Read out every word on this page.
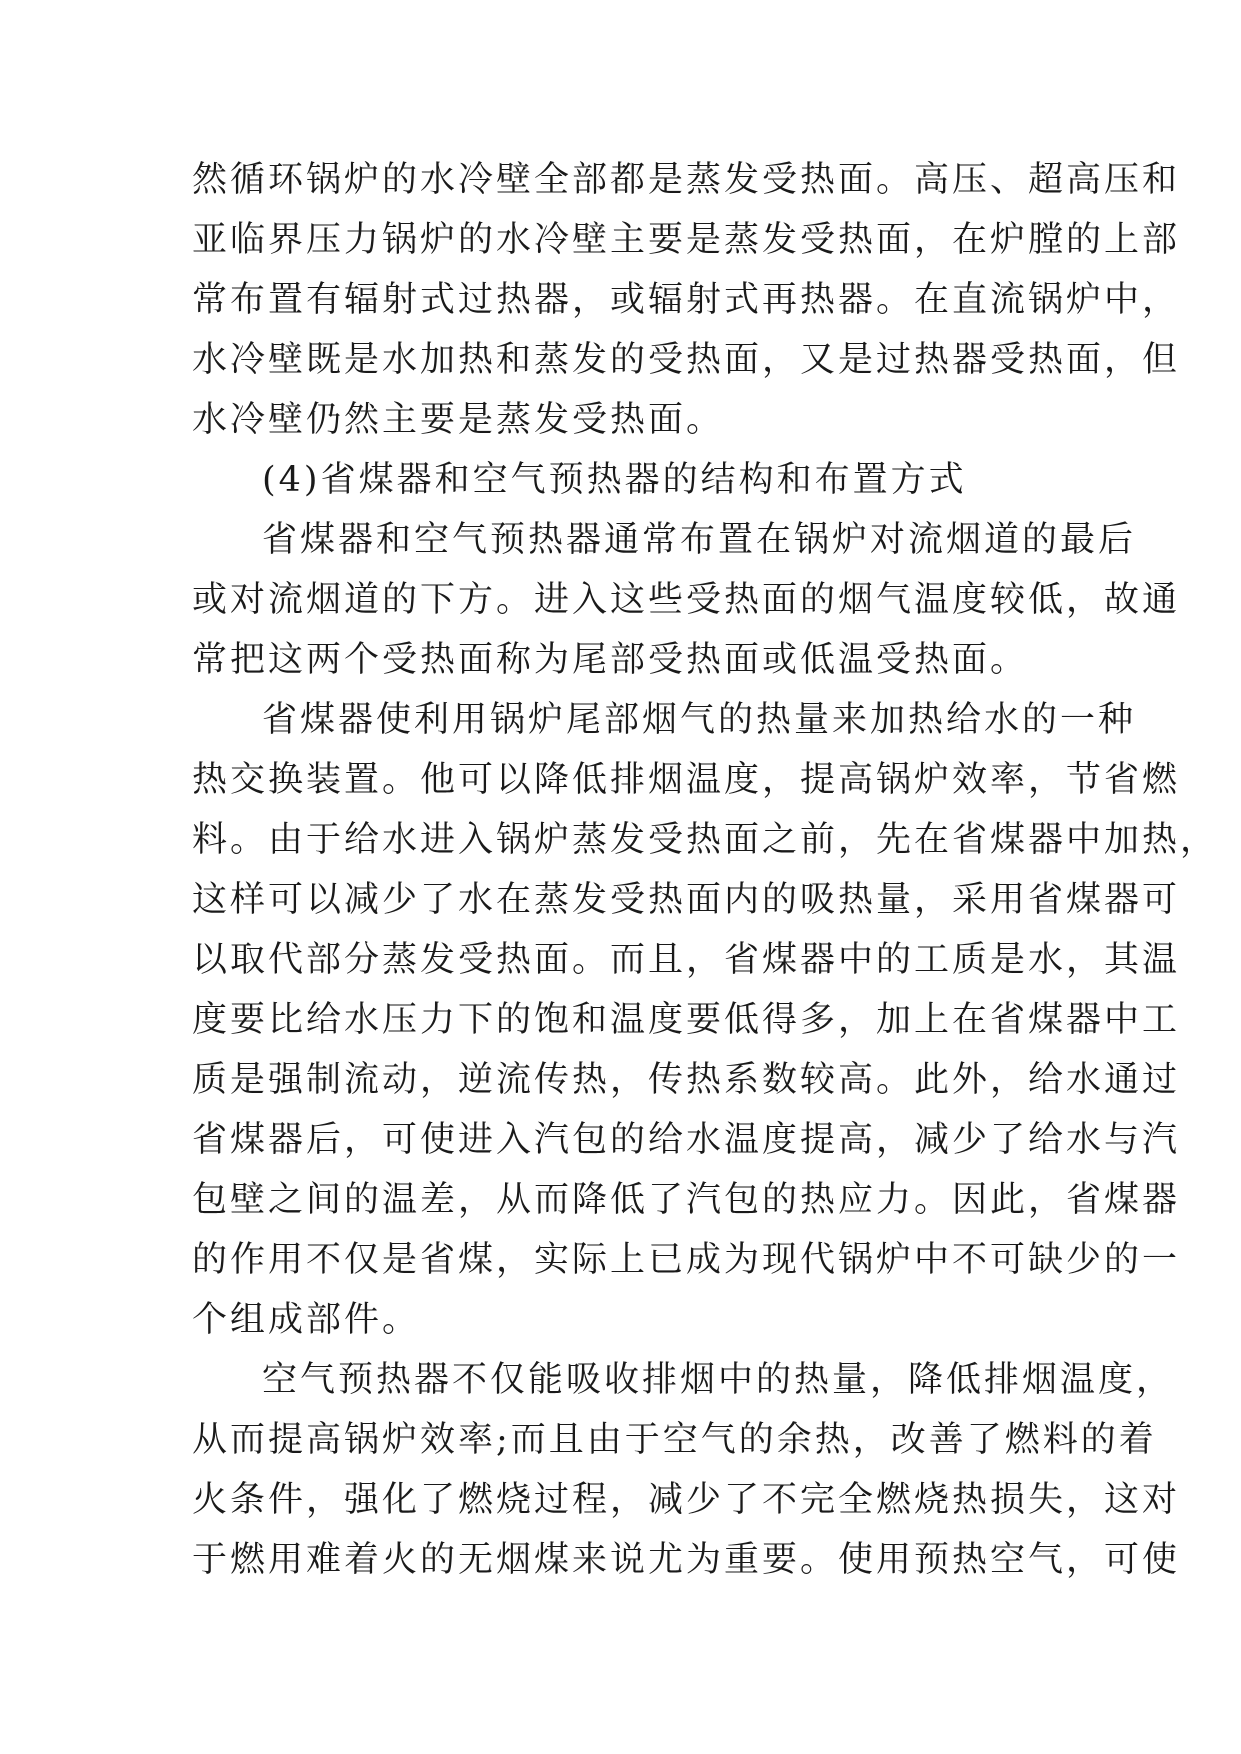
然循环锅炉的水冷壁全部都是蒸发受热面。高压、超高压和
亚临界压力锅炉的水冷壁主要是蒸发受热面，在炉膛的上部
常布置有辐射式过热器，或辐射式再热器。在直流锅炉中，
水冷壁既是水加热和蒸发的受热面，又是过热器受热面，但
水冷壁仍然主要是蒸发受热面。
(4)省煤器和空气预热器的结构和布置方式
省煤器和空气预热器通常布置在锅炉对流烟道的最后
或对流烟道的下方。进入这些受热面的烟气温度较低，故通
常把这两个受热面称为尾部受热面或低温受热面。
省煤器使利用锅炉尾部烟气的热量来加热给水的一种
热交换装置。他可以降低排烟温度，提高锅炉效率，节省燃
料。由于给水进入锅炉蒸发受热面之前，先在省煤器中加热，
这样可以减少了水在蒸发受热面内的吸热量，采用省煤器可
以取代部分蒸发受热面。而且，省煤器中的工质是水，其温
度要比给水压力下的饱和温度要低得多，加上在省煤器中工
质是强制流动，逆流传热，传热系数较高。此外，给水通过
省煤器后，可使进入汽包的给水温度提高，减少了给水与汽
包壁之间的温差，从而降低了汽包的热应力。因此，省煤器
的作用不仅是省煤，实际上已成为现代锅炉中不可缺少的一
个组成部件。
空气预热器不仅能吸收排烟中的热量，降低排烟温度，
从而提高锅炉效率;而且由于空气的余热，改善了燃料的着
火条件，强化了燃烧过程，减少了不完全燃烧热损失，这对
于燃用难着火的无烟煤来说尤为重要。使用预热空气，可使
